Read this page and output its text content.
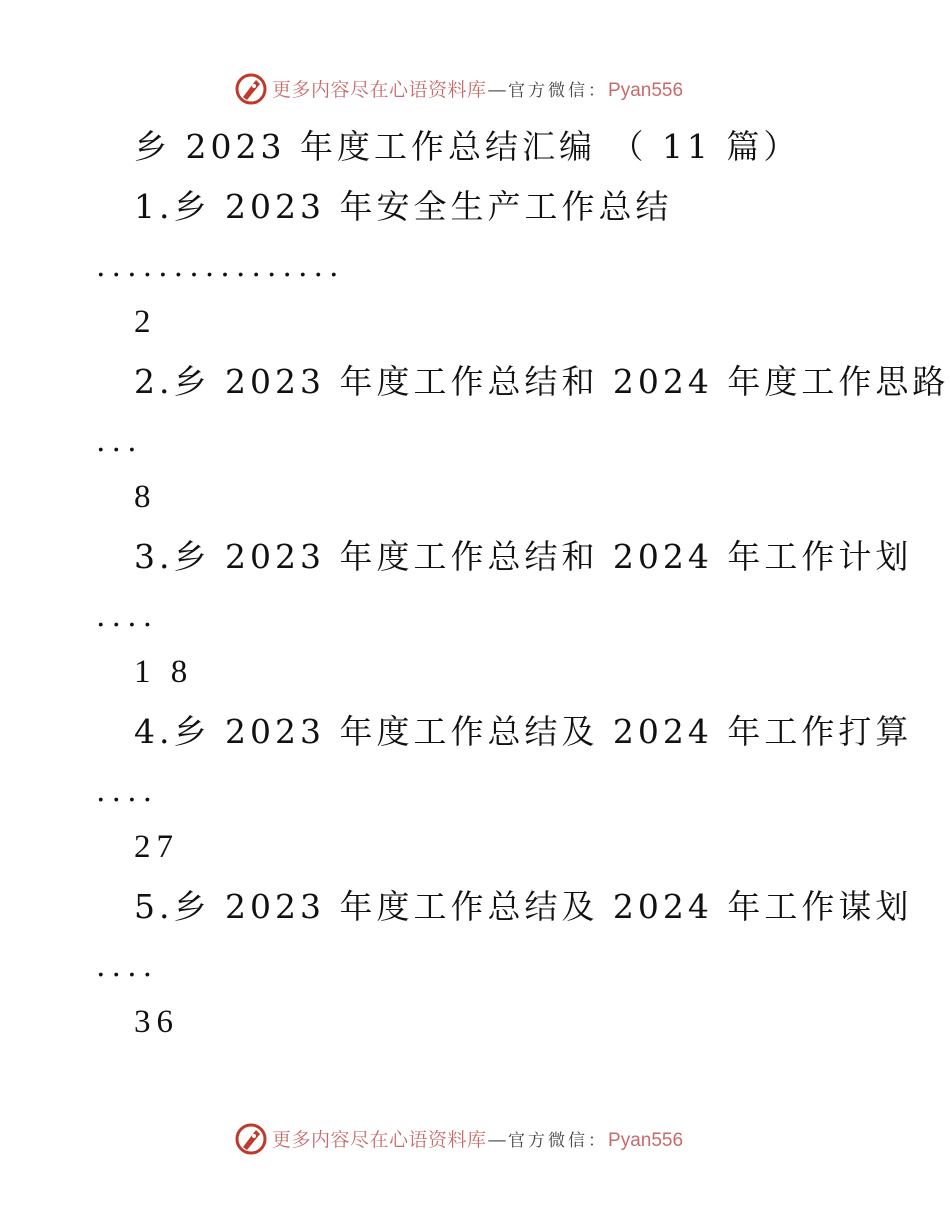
更多内容尽在心语资料库—官方微信：Pyan556
乡 2023 年度工作总结汇编 （ 11 篇）
1.乡 2023 年安全生产工作总结
................
2
2.乡 2023 年度工作总结和 2024 年度工作思路
...
8
3.乡 2023 年度工作总结和 2024 年工作计划
....
1 8
4.乡 2023 年度工作总结及 2024 年工作打算
....
27
5.乡 2023 年度工作总结及 2024 年工作谋划
....
36
更多内容尽在心语资料库—官方微信：Pyan556
